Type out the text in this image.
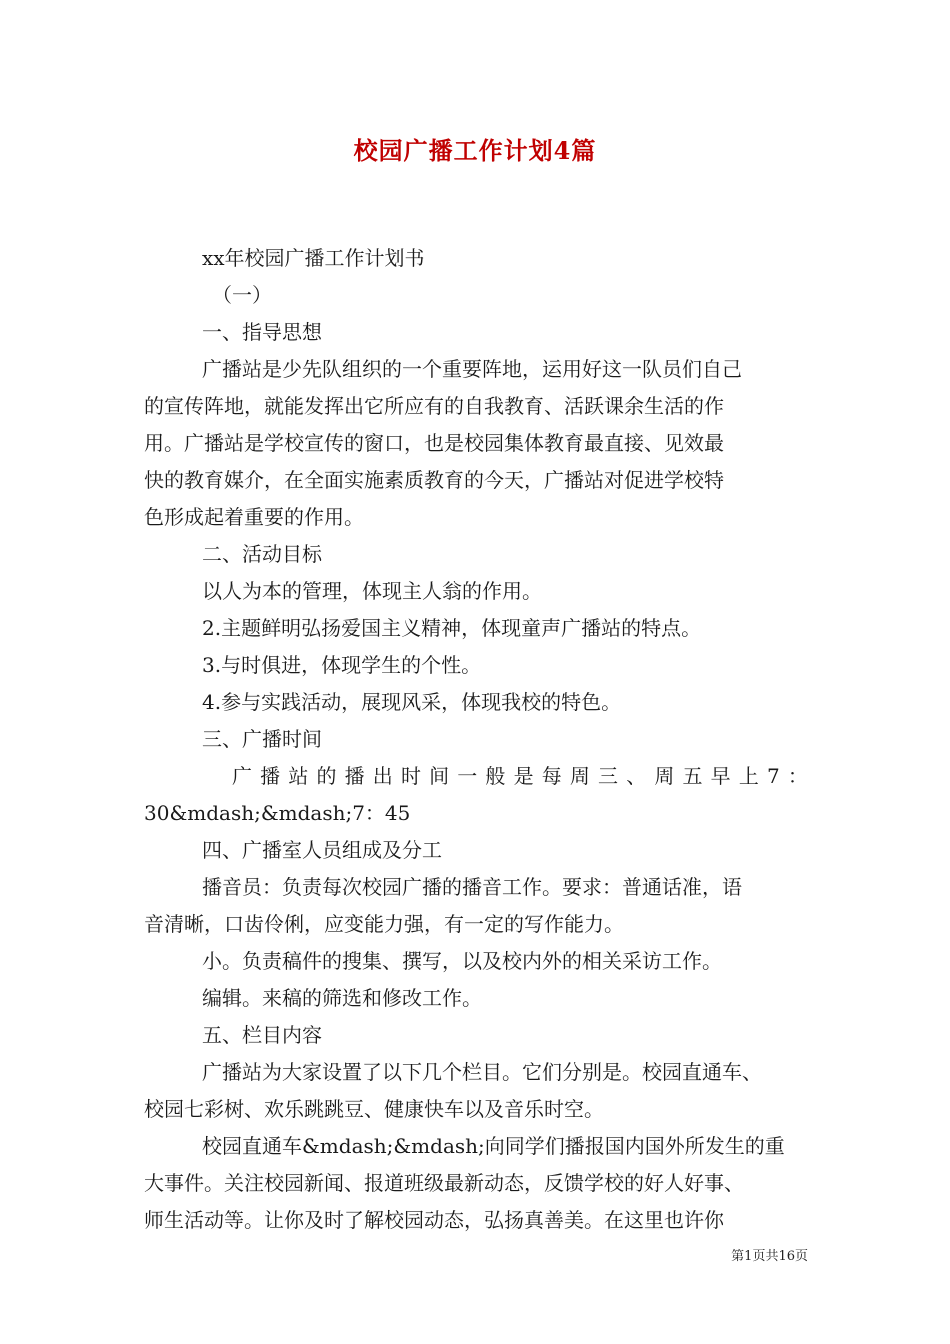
校园广播工作计划4篇
xx年校园广播工作计划书
（一）
一、指导思想
广播站是少先队组织的一个重要阵地，运用好这一队员们自己
的宣传阵地，就能发挥出它所应有的自我教育、活跃课余生活的作
用。广播站是学校宣传的窗口，也是校园集体教育最直接、见效最
快的教育媒介，在全面实施素质教育的今天，广播站对促进学校特
色形成起着重要的作用。
二、活动目标
以人为本的管理，体现主人翁的作用。
2.主题鲜明弘扬爱国主义精神，体现童声广播站的特点。
3.与时俱进，体现学生的个性。
4.参与实践活动，展现风采，体现我校的特色。
三、广播时间
广 播 站 的 播 出 时 间 一 般 是 每 周 三 、 周 五 早 上 7 ：
30&mdash;&mdash;7：45
四、广播室人员组成及分工
播音员：负责每次校园广播的播音工作。要求：普通话准，语
音清晰，口齿伶俐，应变能力强，有一定的写作能力。
小。负责稿件的搜集、撰写，以及校内外的相关采访工作。
编辑。来稿的筛选和修改工作。
五、栏目内容
广播站为大家设置了以下几个栏目。它们分别是。校园直通车、
校园七彩树、欢乐跳跳豆、健康快车以及音乐时空。
校园直通车&mdash;&mdash;向同学们播报国内国外所发生的重
大事件。关注校园新闻、报道班级最新动态，反馈学校的好人好事、
师生活动等。让你及时了解校园动态，弘扬真善美。在这里也许你
第1页共16页
